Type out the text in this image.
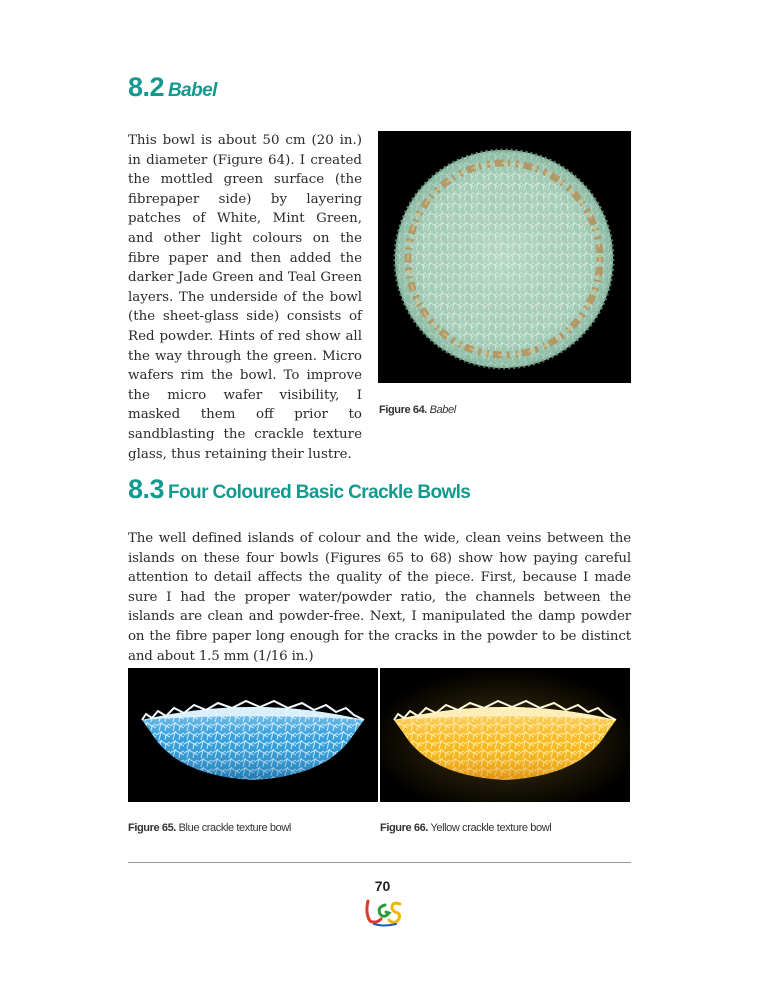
8.2 Babel

This bowl is about 50 cm (20 in.) in diameter (Figure 64). I created the mottled green surface (the fibrepaper side) by layering patches of White, Mint Green, and other light colours on the fibre paper and then added the darker Jade Green and Teal Green layers. The underside of the bowl (the sheet-glass side) consists of Red powder. Hints of red show all the way through the green. Micro wafers rim the bowl. To improve the micro wafer visibility, I masked them off prior to sandblasting the crackle texture glass, thus retaining their lustre.

Figure 64. Babel

8.3 Four Coloured Basic Crackle Bowls

The well defined islands of colour and the wide, clean veins between the islands on these four bowls (Figures 65 to 68) show how paying careful attention to detail affects the quality of the piece. First, because I made sure I had the proper water/powder ratio, the channels between the islands are clean and powder-free. Next, I manipulated the damp powder on the fibre paper long enough for the cracks in the powder to be distinct and about 1.5 mm (1/16 in.)

Figure 65. Blue crackle texture bowl	Figure 66. Yellow crackle texture bowl

70
